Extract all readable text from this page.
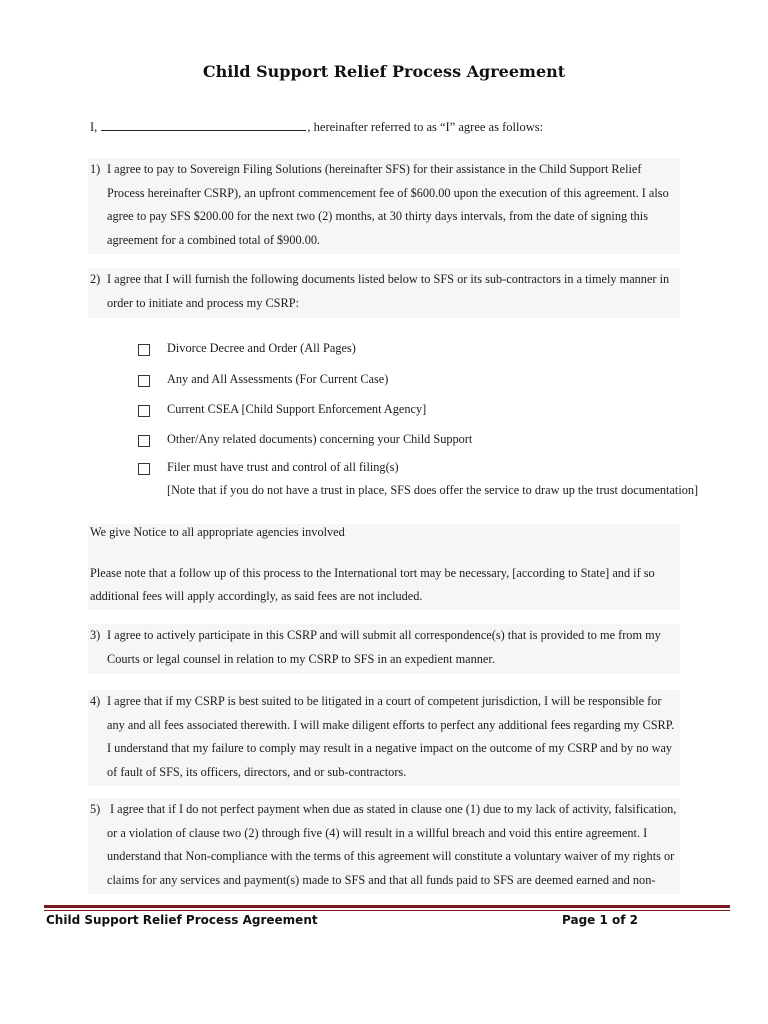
Child Support Relief Process Agreement
I,	, hereinafter referred to as “I” agree as follows:
1) I agree to pay to Sovereign Filing Solutions (hereinafter SFS) for their assistance in the Child Support Relief
Process hereinafter CSRP), an upfront commencement fee of $600.00 upon the execution of this agreement. I also
agree to pay SFS $200.00 for the next two (2) months, at 30 thirty days intervals, from the date of signing this
agreement for a combined total of $900.00.
2) I agree that I will furnish the following documents listed below to SFS or its sub-contractors in a timely manner in
order to initiate and process my CSRP:
Divorce Decree and Order (All Pages)
Any and All Assessments (For Current Case)
Current CSEA [Child Support Enforcement Agency]
Other/Any related documents) concerning your Child Support
Filer must have trust and control of all filing(s)
[Note that if you do not have a trust in place, SFS does offer the service to draw up the trust documentation]
We give Notice to all appropriate agencies involved
Please note that a follow up of this process to the International tort may be necessary, [according to State] and if so
additional fees will apply accordingly, as said fees are not included.
3) I agree to actively participate in this CSRP and will submit all correspondence(s) that is provided to me from my
Courts or legal counsel in relation to my CSRP to SFS in an expedient manner.
4) I agree that if my CSRP is best suited to be litigated in a court of competent jurisdiction, I will be responsible for
any and all fees associated therewith. I will make diligent efforts to perfect any additional fees regarding my CSRP.
I understand that my failure to comply may result in a negative impact on the outcome of my CSRP and by no way
of fault of SFS, its officers, directors, and or sub-contractors.
5) I agree that if I do not perfect payment when due as stated in clause one (1) due to my lack of activity, falsification,
or a violation of clause two (2) through five (4) will result in a willful breach and void this entire agreement. I
understand that Non-compliance with the terms of this agreement will constitute a voluntary waiver of my rights or
claims for any services and payment(s) made to SFS and that all funds paid to SFS are deemed earned and non-
Child Support Relief Process Agreement	Page 1 of 2
